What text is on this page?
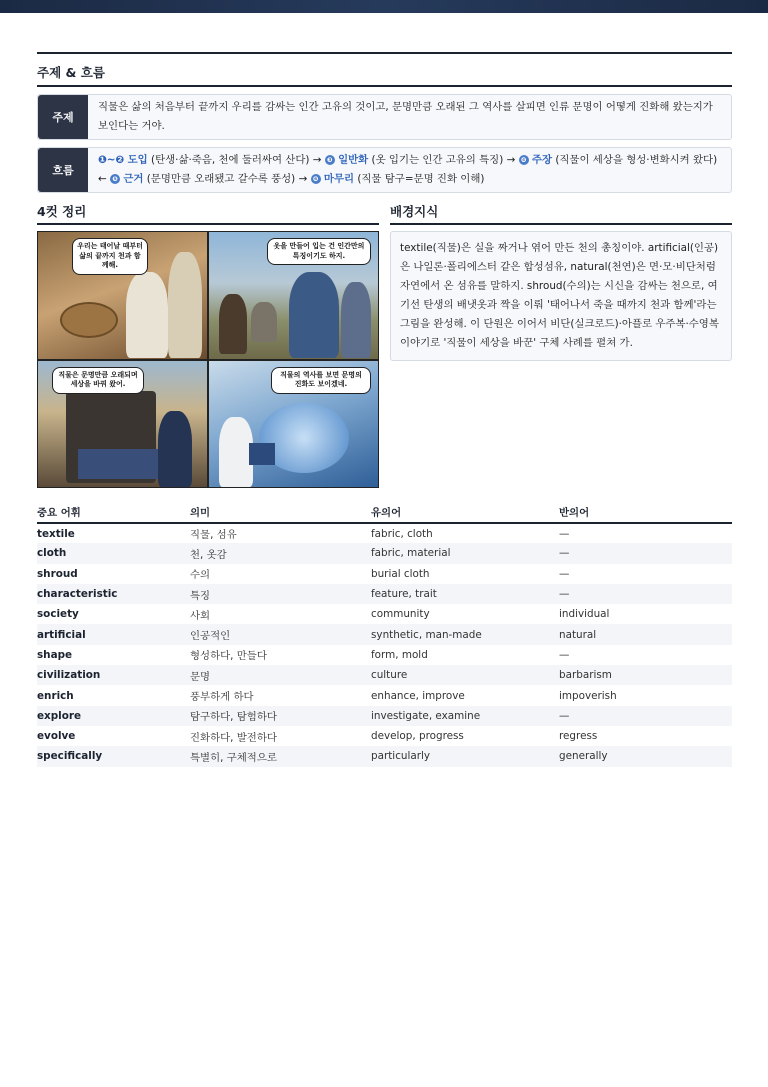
주제 & 흐름
주제
직물은 삶의 처음부터 끝까지 우리를 감싸는 인간 고유의 것이고, 문명만큼 오래된 그 역사를 살피면 인류 문명이 어떻게 진화해 왔는지가 보인다는 거야.
흐름
❶~❷ 도입 (탄생·삶·죽음, 천에 둘러싸여 산다) → ❸ 일반화 (옷 입기는 인간 고유의 특징) → ❹ 주장 (직물이 세상을 형성·변화시켜 왔다) ← ❺ 근거 (문명만큼 오래됐고 갈수록 풍성) → ❻ 마무리 (직물 탐구=문명 진화 이해)
4컷 정리
우리는 태어날 때부터 삶의 끝까지 천과 함께해.
옷을 만들어 입는 건 인간만의 특징이기도 하지.
직물은 문명만큼 오래되며 세상을 바꿔 왔어.
직물의 역사를 보면 문명의 진화도 보이겠네.
배경지식
textile(직물)은 실을 짜거나 엮어 만든 천의 총칭이야. artificial(인공)은 나일론·폴리에스터 같은 합성섬유, natural(천연)은 면·모·비단처럼 자연에서 온 섬유를 말하지. shroud(수의)는 시신을 감싸는 천으로, 여기선 탄생의 배냇옷과 짝을 이뤄 '태어나서 죽을 때까지 천과 함께'라는 그림을 완성해. 이 단원은 이어서 비단(실크로드)·아플로 우주복·수영복 이야기로 '직물이 세상을 바꾼' 구체 사례를 펼쳐 가.
중요 어휘	의미	유의어	반의어
textile	직물, 섬유	fabric, cloth	—
cloth	천, 옷감	fabric, material	—
shroud	수의	burial cloth	—
characteristic	특징	feature, trait	—
society	사회	community	individual
artificial	인공적인	synthetic, man-made	natural
shape	형성하다, 만들다	form, mold	—
civilization	문명	culture	barbarism
enrich	풍부하게 하다	enhance, improve	impoverish
explore	탐구하다, 탐험하다	investigate, examine	—
evolve	진화하다, 발전하다	develop, progress	regress
specifically	특별히, 구체적으로	particularly	generally
